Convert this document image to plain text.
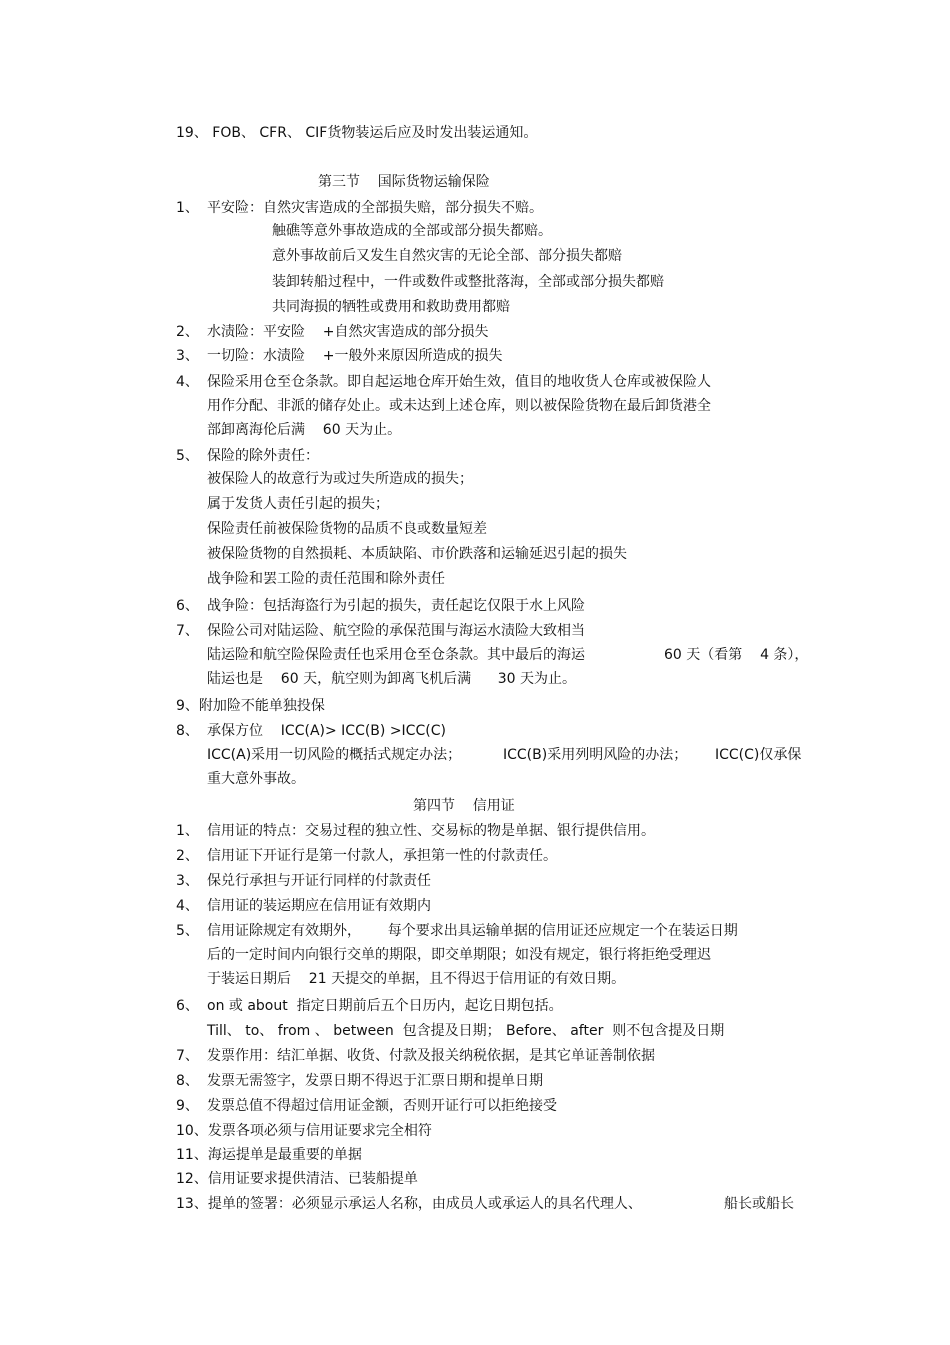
19、 FOB、 CFR、 CIF货物装运后应及时发出装运通知。
第三节    国际货物运输保险
1、 平安险：自然灾害造成的全部损失赔，部分损失不赔。
触礁等意外事故造成的全部或部分损失都赔。
意外事故前后又发生自然灾害的无论全部、部分损失都赔
装卸转船过程中，一件或数件或整批落海，全部或部分损失都赔
共同海损的牺牲或费用和救助费用都赔
2、 水渍险：平安险    +自然灾害造成的部分损失
3、 一切险：水渍险    +一般外来原因所造成的损失
4、 保险采用仓至仓条款。即自起运地仓库开始生效，值目的地收货人仓库或被保险人
用作分配、非派的储存处止。或未达到上述仓库，则以被保险货物在最后卸货港全
部卸离海伦后满    60 天为止。
5、 保险的除外责任：
被保险人的故意行为或过失所造成的损失；
属于发货人责任引起的损失；
保险责任前被保险货物的品质不良或数量短差
被保险货物的自然损耗、本质缺陷、市价跌落和运输延迟引起的损失
战争险和罢工险的责任范围和除外责任
6、 战争险：包括海盗行为引起的损失，责任起讫仅限于水上风险
7、 保险公司对陆运险、航空险的承保范围与海运水渍险大致相当
陆运险和航空险保险责任也采用仓至仓条款。其中最后的海运	60 天（看第    4 条），
陆运也是    60 天，航空则为卸离飞机后满      30 天为止。
9、附加险不能单独投保
8、 承保方位    ICC(A)> ICC(B) >ICC(C)
ICC(A)采用一切风险的概括式规定办法；	ICC(B)采用列明风险的办法； ICC(C)仅承保
重大意外事故。
第四节    信用证
1、 信用证的特点：交易过程的独立性、交易标的物是单据、银行提供信用。
2、 信用证下开证行是第一付款人，承担第一性的付款责任。
3、 保兑行承担与开证行同样的付款责任
4、 信用证的装运期应在信用证有效期内
5、 信用证除规定有效期外，      每个要求出具运输单据的信用证还应规定一个在装运日期
后的一定时间内向银行交单的期限，即交单期限；如没有规定，银行将拒绝受理迟
于装运日期后    21 天提交的单据，且不得迟于信用证的有效日期。
6、 on 或 about  指定日期前后五个日历内，起讫日期包括。
Till、 to、 from 、 between  包含提及日期； Before、 after  则不包含提及日期
7、 发票作用：结汇单据、收货、付款及报关纳税依据，是其它单证善制依据
8、 发票无需签字，发票日期不得迟于汇票日期和提单日期
9、 发票总值不得超过信用证金额，否则开证行可以拒绝接受
10、发票各项必须与信用证要求完全相符
11、海运提单是最重要的单据
12、信用证要求提供清洁、已装船提单
13、提单的签署：必须显示承运人名称，由成员人或承运人的具名代理人、	船长或船长
